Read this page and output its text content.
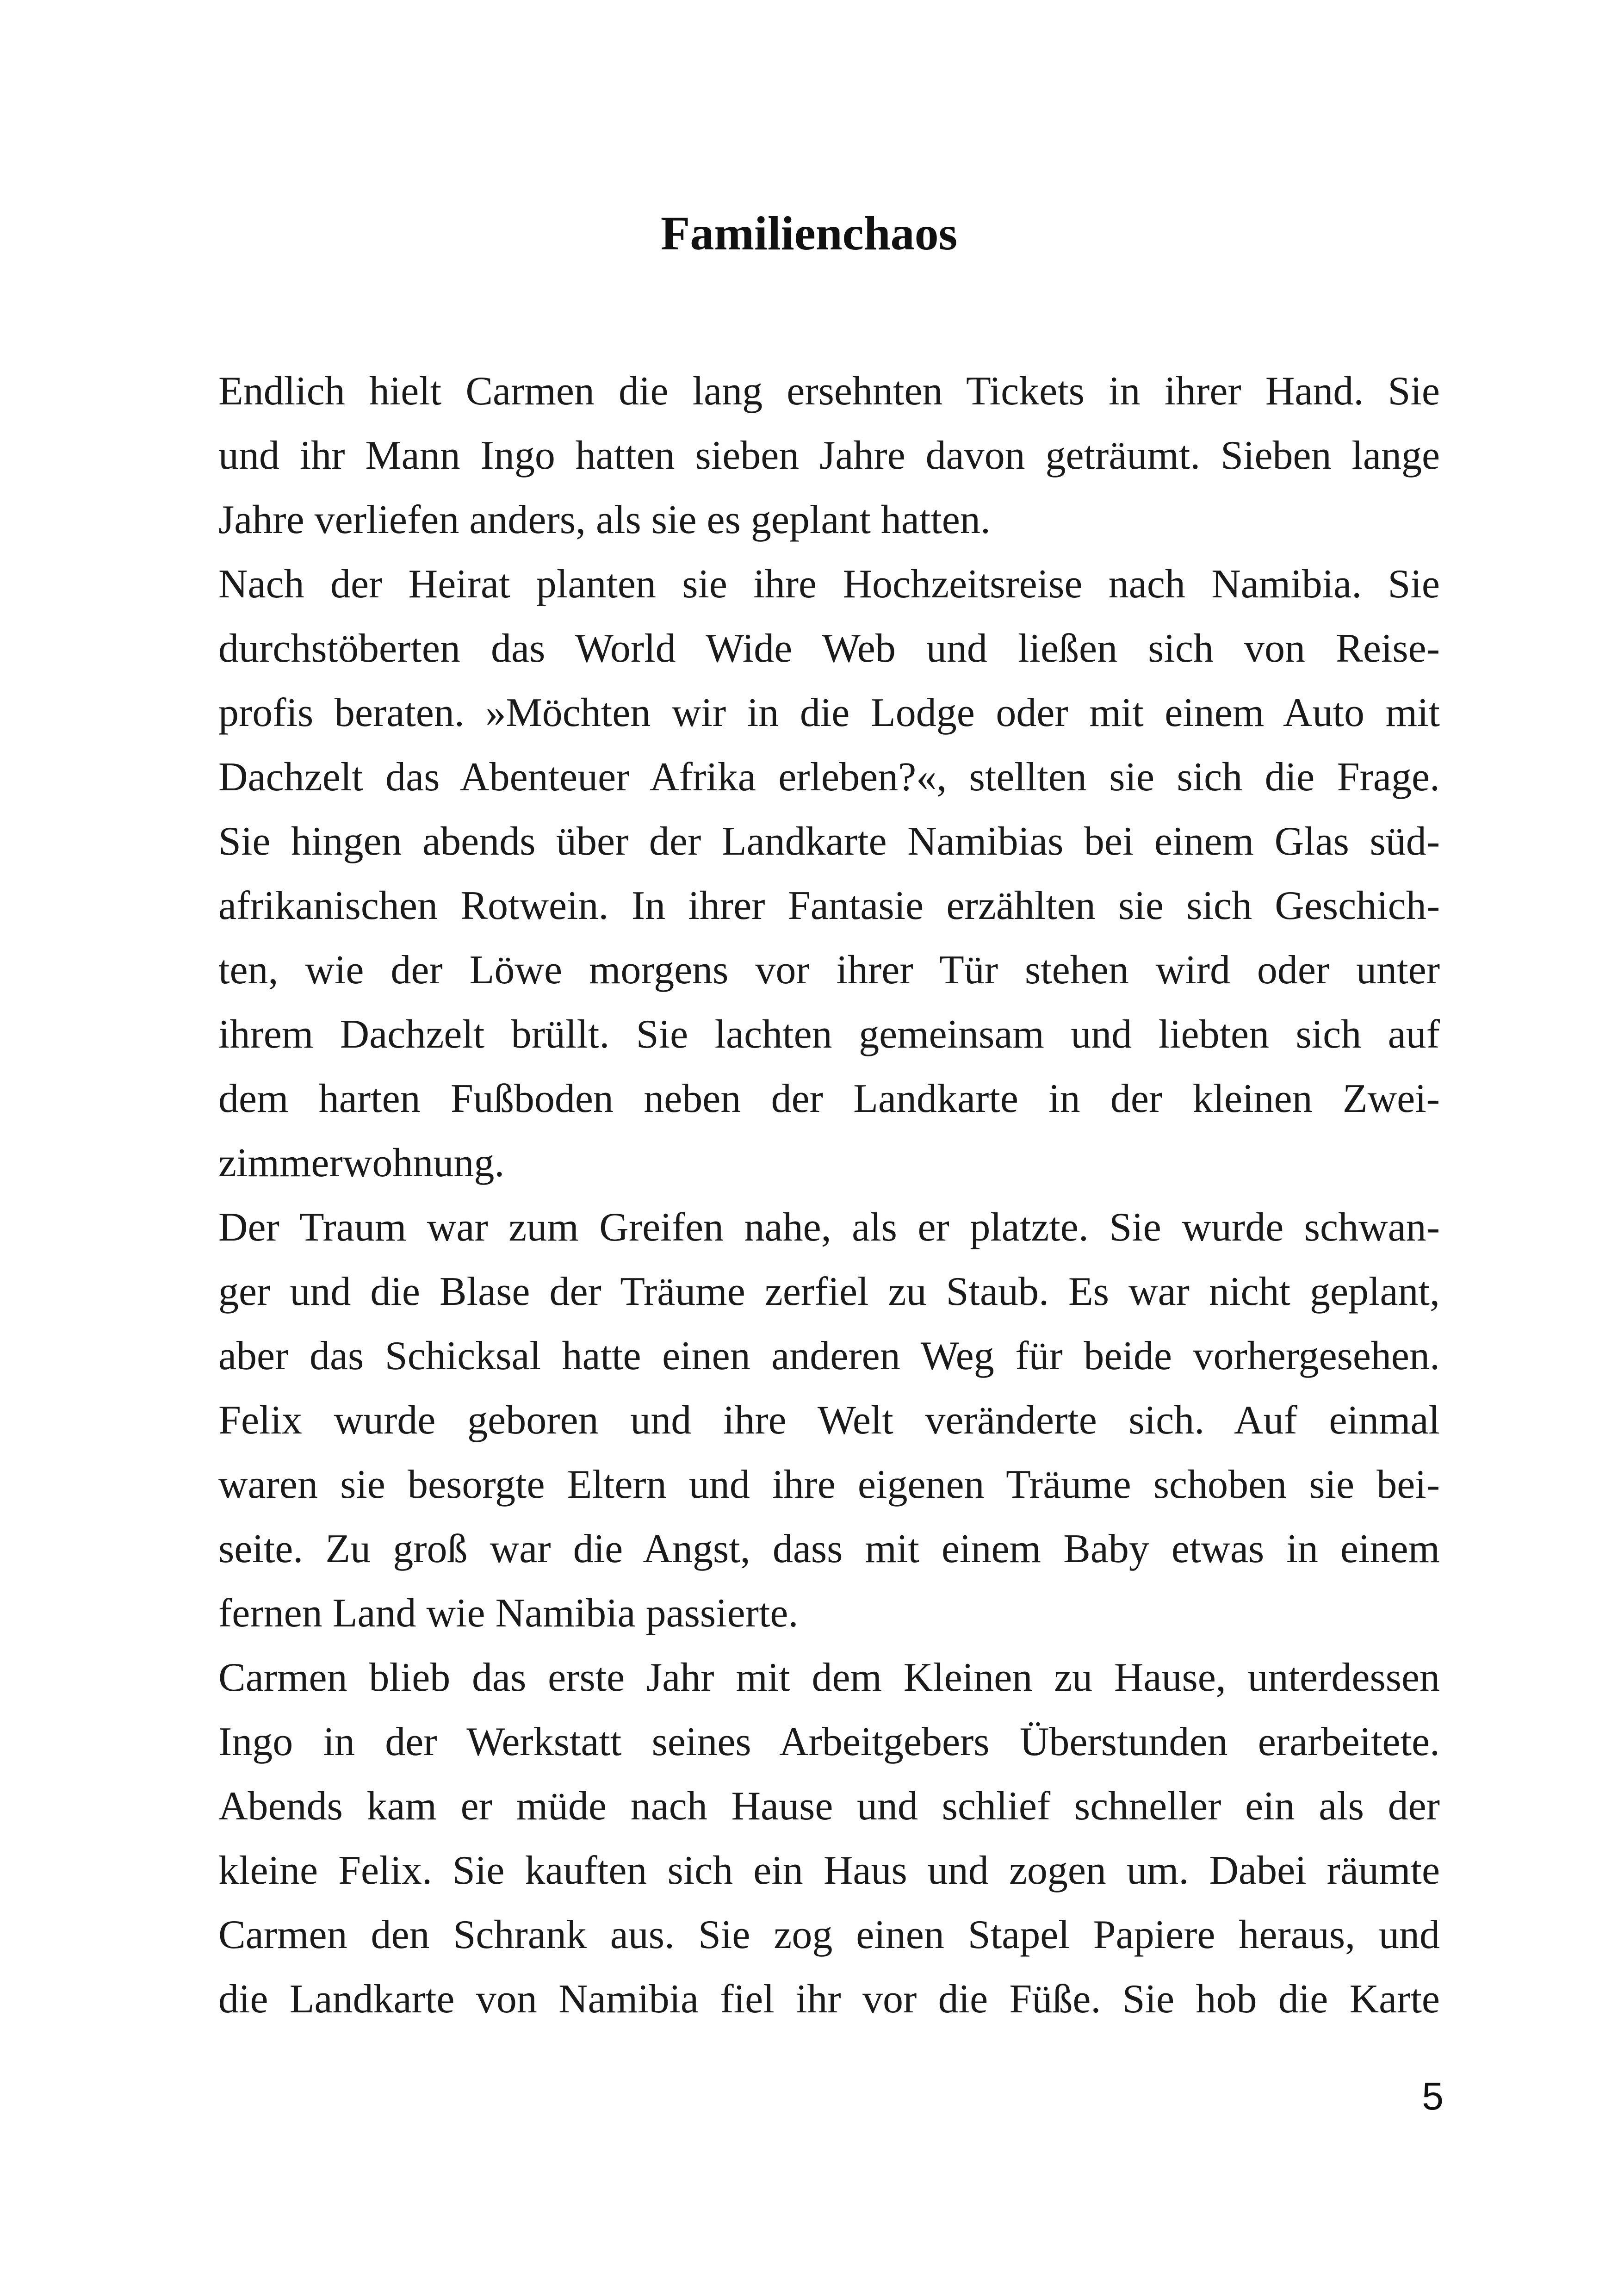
Familienchaos
Endlich hielt Carmen die lang ersehnten Tickets in ihrer Hand. Sie
und ihr Mann Ingo hatten sieben Jahre davon geträumt. Sieben lange
Jahre verliefen anders, als sie es geplant hatten.
Nach der Heirat planten sie ihre Hochzeitsreise nach Namibia. Sie
durchstöberten das World Wide Web und ließen sich von Reise-
profis beraten. »Möchten wir in die Lodge oder mit einem Auto mit
Dachzelt das Abenteuer Afrika erleben?«, stellten sie sich die Frage.
Sie hingen abends über der Landkarte Namibias bei einem Glas süd-
afrikanischen Rotwein. In ihrer Fantasie erzählten sie sich Geschich-
ten, wie der Löwe morgens vor ihrer Tür stehen wird oder unter
ihrem Dachzelt brüllt. Sie lachten gemeinsam und liebten sich auf
dem harten Fußboden neben der Landkarte in der kleinen Zwei-
zimmerwohnung.
Der Traum war zum Greifen nahe, als er platzte. Sie wurde schwan-
ger und die Blase der Träume zerfiel zu Staub. Es war nicht geplant,
aber das Schicksal hatte einen anderen Weg für beide vorhergesehen.
Felix wurde geboren und ihre Welt veränderte sich. Auf einmal
waren sie besorgte Eltern und ihre eigenen Träume schoben sie bei-
seite. Zu groß war die Angst, dass mit einem Baby etwas in einem
fernen Land wie Namibia passierte.
Carmen blieb das erste Jahr mit dem Kleinen zu Hause, unterdessen
Ingo in der Werkstatt seines Arbeitgebers Überstunden erarbeitete.
Abends kam er müde nach Hause und schlief schneller ein als der
kleine Felix. Sie kauften sich ein Haus und zogen um. Dabei räumte
Carmen den Schrank aus. Sie zog einen Stapel Papiere heraus, und
die Landkarte von Namibia fiel ihr vor die Füße. Sie hob die Karte
5
